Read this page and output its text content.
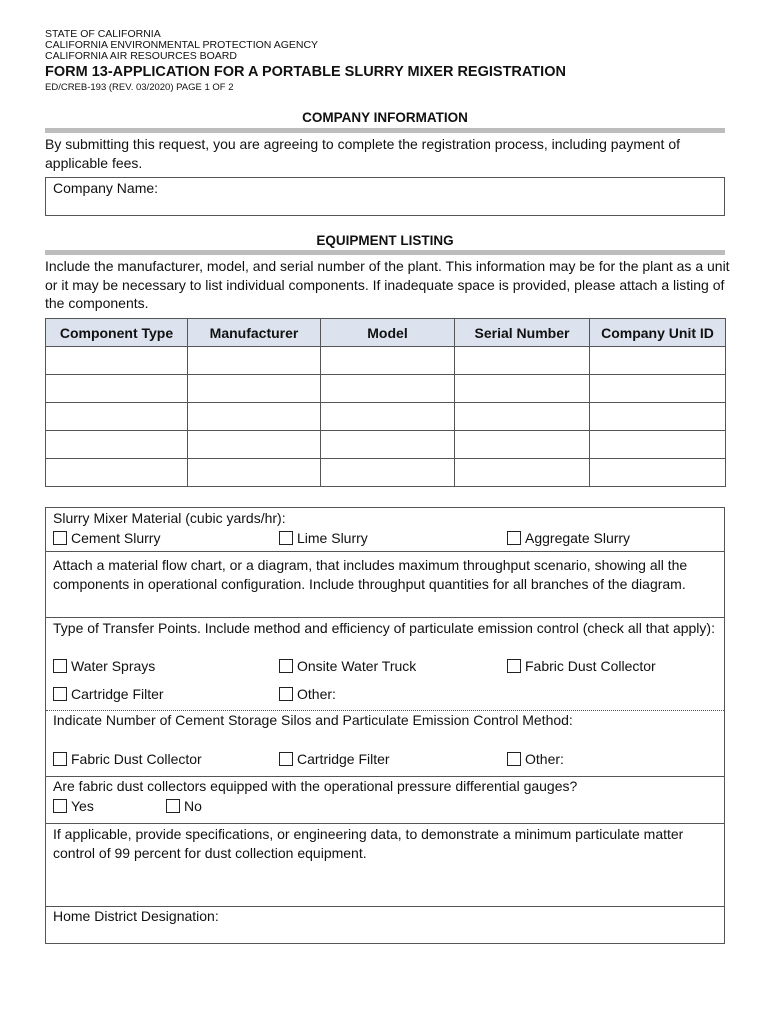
STATE OF CALIFORNIA
CALIFORNIA ENVIRONMENTAL PROTECTION AGENCY
CALIFORNIA AIR RESOURCES BOARD
FORM 13-APPLICATION FOR A PORTABLE SLURRY MIXER REGISTRATION
ED/CREB-193 (REV. 03/2020) PAGE 1 OF 2
COMPANY INFORMATION
By submitting this request, you are agreeing to complete the registration process, including payment of applicable fees.
Company Name:
EQUIPMENT LISTING
Include the manufacturer, model, and serial number of the plant. This information may be for the plant as a unit or it may be necessary to list individual components. If inadequate space is provided, please attach a listing of the components.
Component Type	Manufacturer	Model	Serial Number	Company Unit ID

Slurry Mixer Material (cubic yards/hr):
Cement Slurry	Lime Slurry	Aggregate Slurry
Attach a material flow chart, or a diagram, that includes maximum throughput scenario, showing all the components in operational configuration. Include throughput quantities for all branches of the diagram.
Type of Transfer Points. Include method and efficiency of particulate emission control (check all that apply):
Water Sprays	Onsite Water Truck	Fabric Dust Collector
Cartridge Filter	Other:
Indicate Number of Cement Storage Silos and Particulate Emission Control Method:
Fabric Dust Collector	Cartridge Filter	Other:
Are fabric dust collectors equipped with the operational pressure differential gauges?
Yes	No
If applicable, provide specifications, or engineering data, to demonstrate a minimum particulate matter control of 99 percent for dust collection equipment.
Home District Designation:
